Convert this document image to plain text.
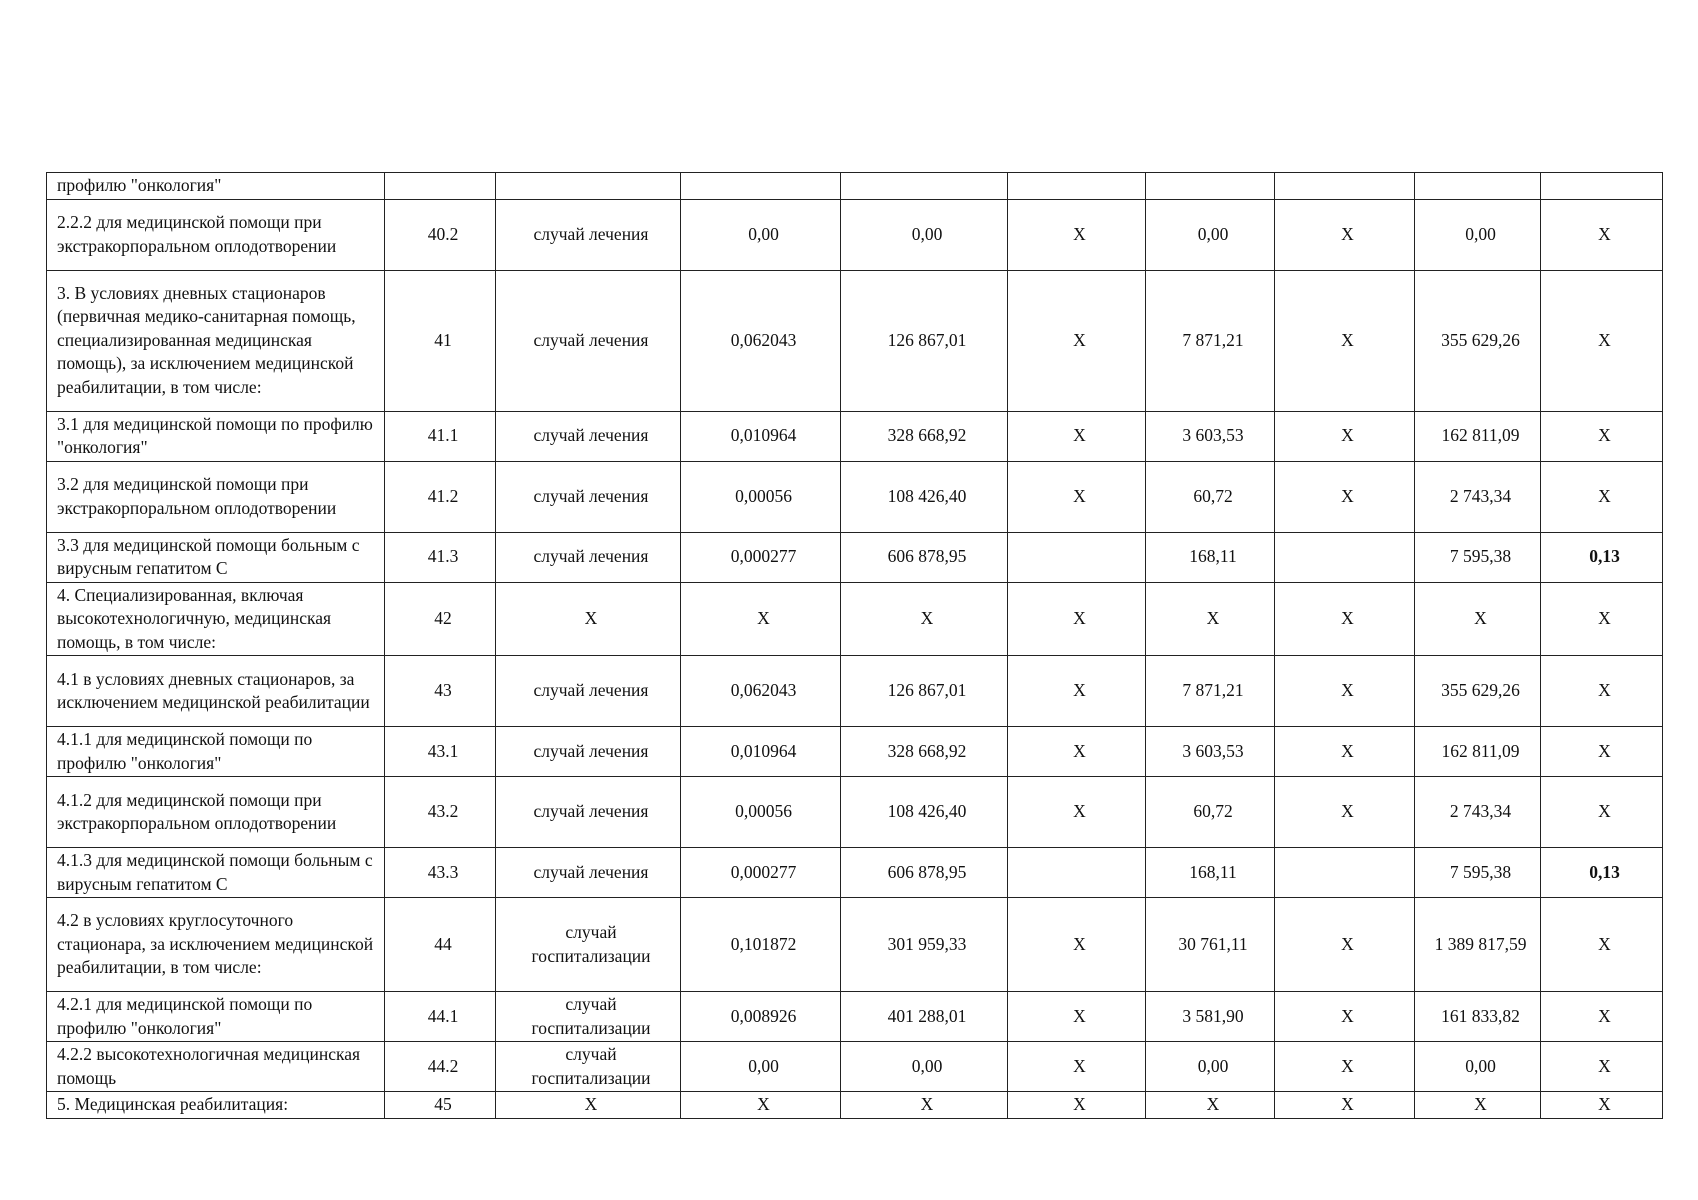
профилю "онкология"									
2.2.2 для медицинской помощи при экстракорпоральном оплодотворении	40.2	случай лечения	0,00	0,00	X	0,00	X	0,00	X
3. В условиях дневных стационаров (первичная медико-санитарная помощь, специализированная медицинская помощь), за исключением медицинской реабилитации, в том числе:	41	случай лечения	0,062043	126 867,01	X	7 871,21	X	355 629,26	X
3.1 для медицинской помощи по профилю "онкология"	41.1	случай лечения	0,010964	328 668,92	X	3 603,53	X	162 811,09	X
3.2 для медицинской помощи при экстракорпоральном оплодотворении	41.2	случай лечения	0,00056	108 426,40	X	60,72	X	2 743,34	X
3.3 для медицинской помощи больным с вирусным гепатитом С	41.3	случай лечения	0,000277	606 878,95		168,11		7 595,38	0,13
4. Специализированная, включая высокотехнологичную, медицинская помощь, в том числе:	42	X	X	X	X	X	X	X	X
4.1 в условиях дневных стационаров, за исключением медицинской реабилитации	43	случай лечения	0,062043	126 867,01	X	7 871,21	X	355 629,26	X
4.1.1 для медицинской помощи по профилю "онкология"	43.1	случай лечения	0,010964	328 668,92	X	3 603,53	X	162 811,09	X
4.1.2 для медицинской помощи при экстракорпоральном оплодотворении	43.2	случай лечения	0,00056	108 426,40	X	60,72	X	2 743,34	X
4.1.3 для медицинской помощи больным с вирусным гепатитом С	43.3	случай лечения	0,000277	606 878,95		168,11		7 595,38	0,13
4.2 в условиях круглосуточного стационара, за исключением медицинской реабилитации, в том числе:	44	случай госпитализации	0,101872	301 959,33	X	30 761,11	X	1 389 817,59	X
4.2.1 для медицинской помощи по профилю "онкология"	44.1	случай госпитализации	0,008926	401 288,01	X	3 581,90	X	161 833,82	X
4.2.2 высокотехнологичная медицинская помощь	44.2	случай госпитализации	0,00	0,00	X	0,00	X	0,00	X
5. Медицинская реабилитация:	45	X	X	X	X	X	X	X	X
